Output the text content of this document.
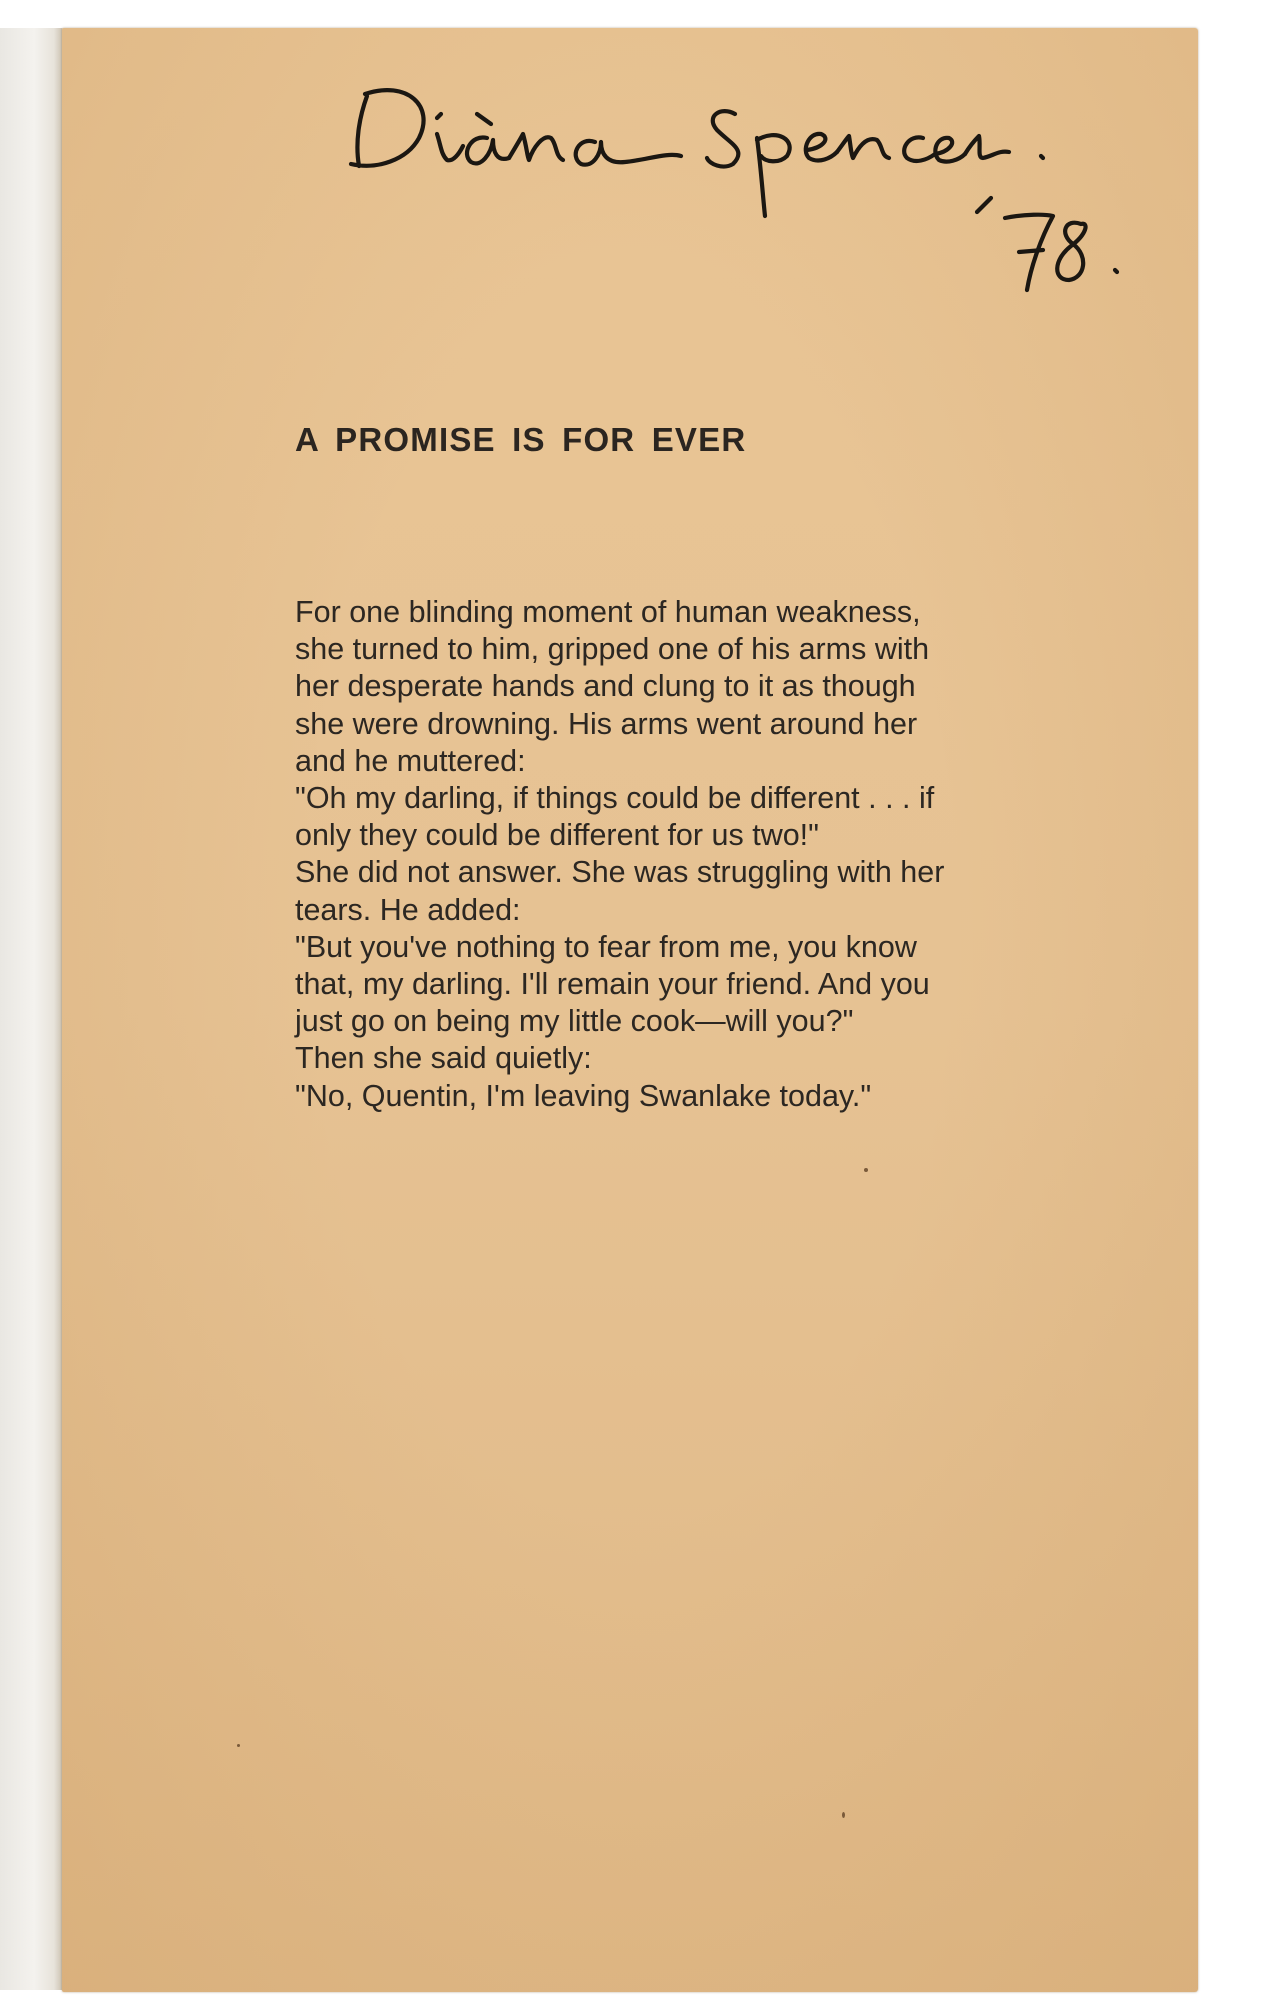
A PROMISE IS FOR EVER

For one blinding moment of human weakness,
she turned to him, gripped one of his arms with
her desperate hands and clung to it as though
she were drowning. His arms went around her
and he muttered:
"Oh my darling, if things could be different . . . if
only they could be different for us two!"
She did not answer. She was struggling with her
tears. He added:
"But you've nothing to fear from me, you know
that, my darling. I'll remain your friend. And you
just go on being my little cook—will you?"
Then she said quietly:
"No, Quentin, I'm leaving Swanlake today."
